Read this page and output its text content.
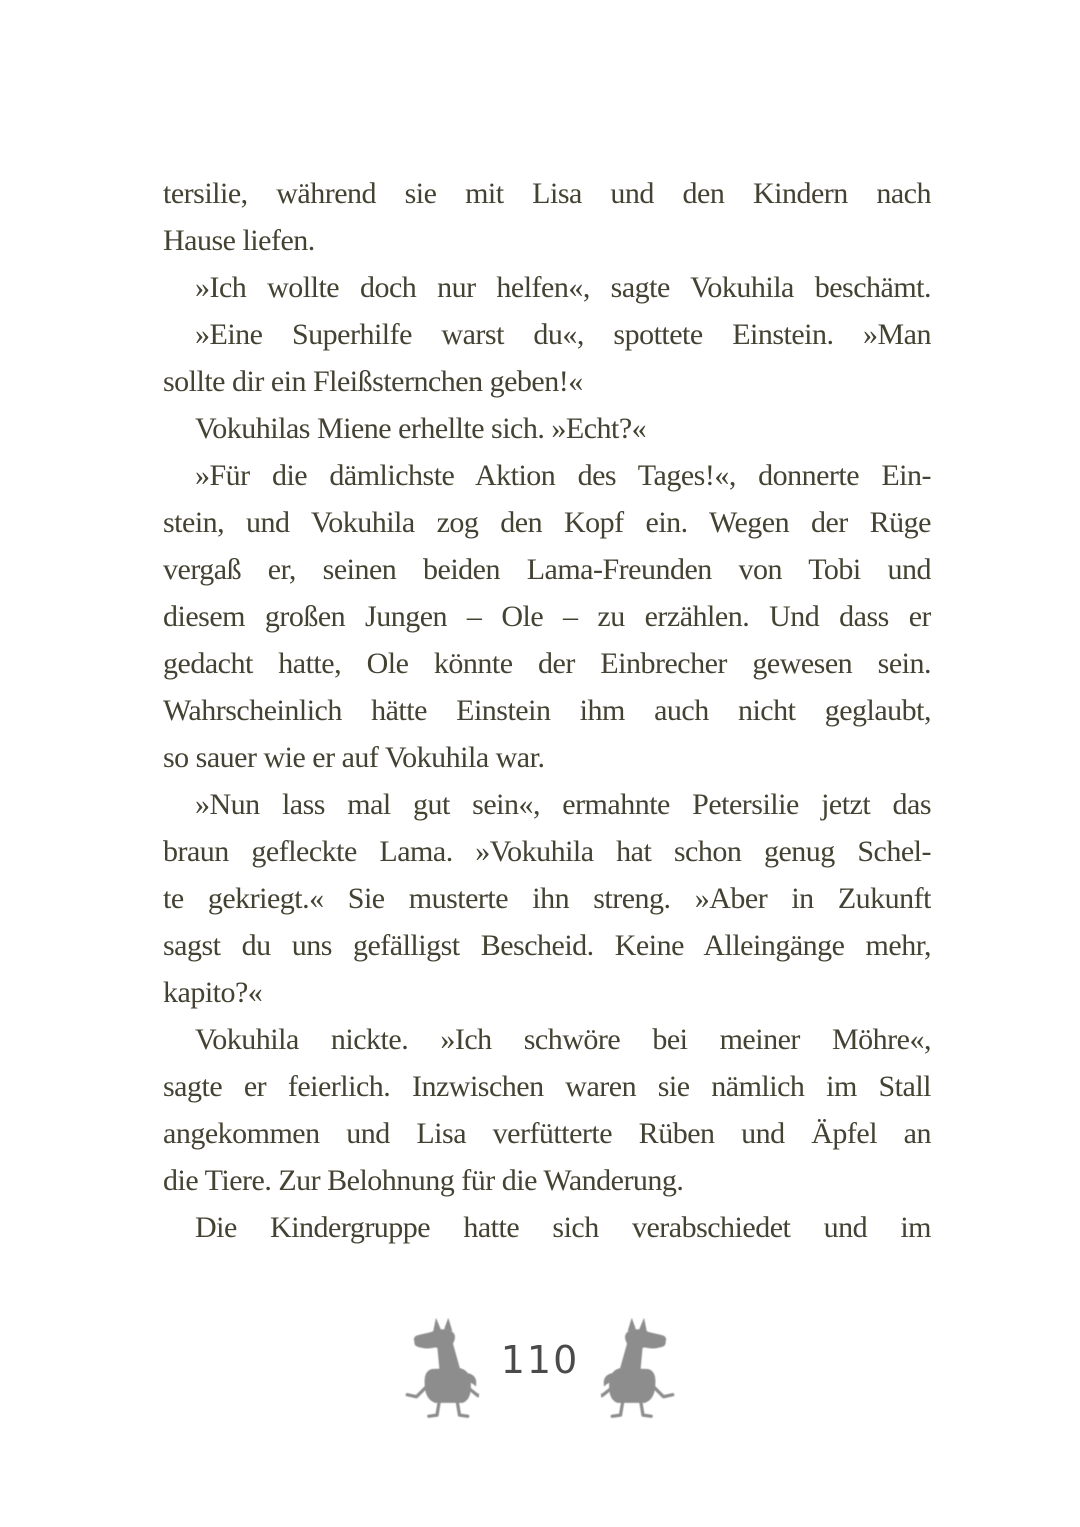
tersilie, während sie mit Lisa und den Kindern nach
Hause liefen.
»Ich wollte doch nur helfen«, sagte Vokuhila beschämt.
»Eine Superhilfe warst du«, spottete Einstein. »Man
sollte dir ein Fleißsternchen geben!«
Vokuhilas Miene erhellte sich. »Echt?«
»Für die dämlichste Aktion des Tages!«, donnerte Ein-
stein, und Vokuhila zog den Kopf ein. Wegen der Rüge
vergaß er, seinen beiden Lama-Freunden von Tobi und
diesem großen Jungen – Ole – zu erzählen. Und dass er
gedacht hatte, Ole könnte der Einbrecher gewesen sein.
Wahrscheinlich hätte Einstein ihm auch nicht geglaubt,
so sauer wie er auf Vokuhila war.
»Nun lass mal gut sein«, ermahnte Petersilie jetzt das
braun gefleckte Lama. »Vokuhila hat schon genug Schel-
te gekriegt.« Sie musterte ihn streng. »Aber in Zukunft
sagst du uns gefälligst Bescheid. Keine Alleingänge mehr,
kapito?«
Vokuhila nickte. »Ich schwöre bei meiner Möhre«,
sagte er feierlich. Inzwischen waren sie nämlich im Stall
angekommen und Lisa verfütterte Rüben und Äpfel an
die Tiere. Zur Belohnung für die Wanderung.
Die Kindergruppe hatte sich verabschiedet und im
110
